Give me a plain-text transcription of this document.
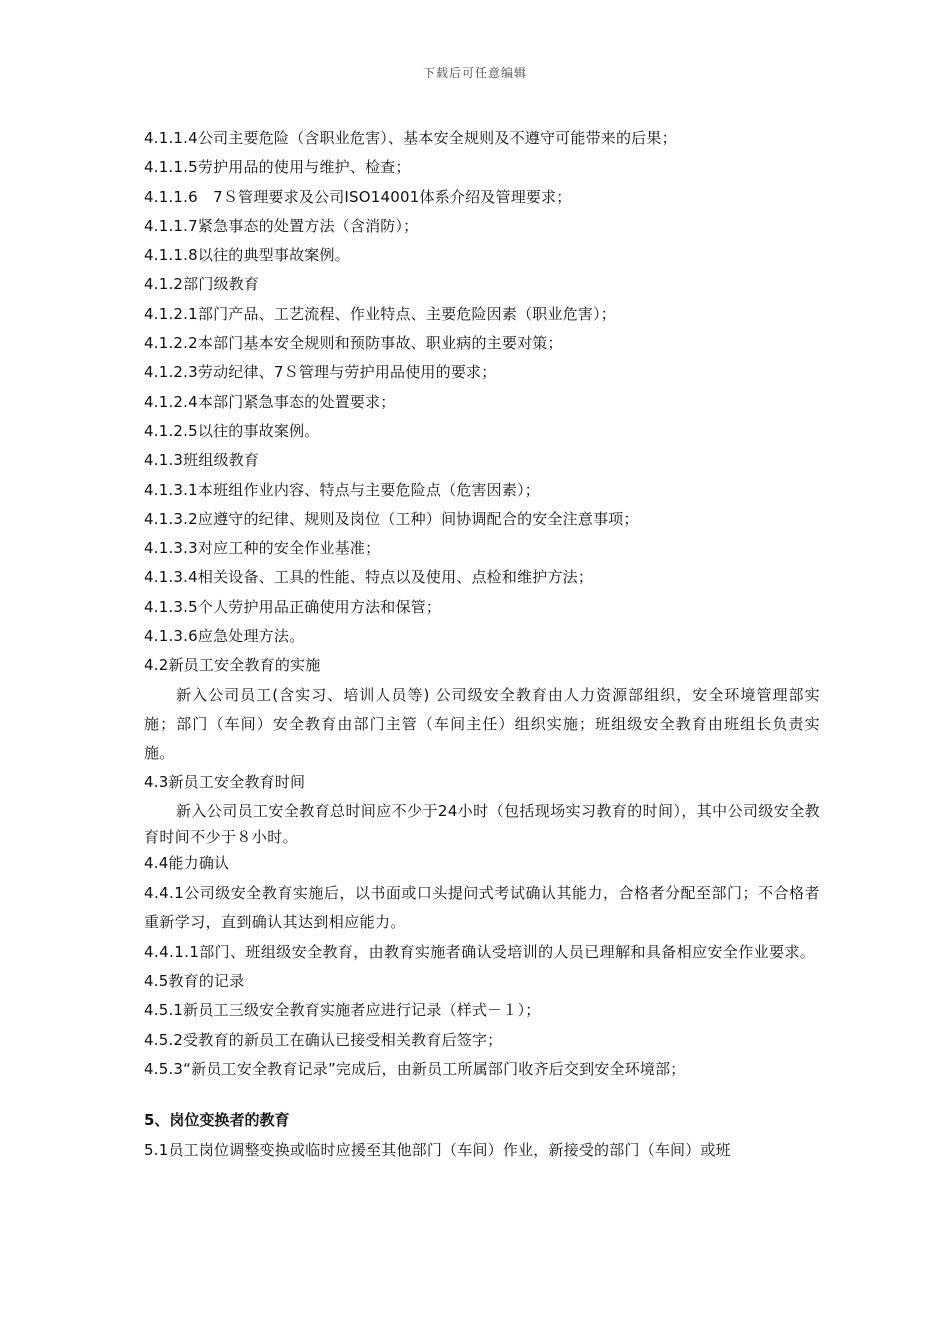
下载后可任意编辑
4.1.1.4公司主要危险（含职业危害）、基本安全规则及不遵守可能带来的后果；
4.1.1.5劳护用品的使用与维护、检查；
4.1.1.6　7Ｓ管理要求及公司ISO14001体系介绍及管理要求；
4.1.1.7紧急事态的处置方法（含消防）；
4.1.1.8以往的典型事故案例。
4.1.2部门级教育
4.1.2.1部门产品、工艺流程、作业特点、主要危险因素（职业危害）；
4.1.2.2本部门基本安全规则和预防事故、职业病的主要对策；
4.1.2.3劳动纪律、7Ｓ管理与劳护用品使用的要求；
4.1.2.4本部门紧急事态的处置要求；
4.1.2.5以往的事故案例。
4.1.3班组级教育
4.1.3.1本班组作业内容、特点与主要危险点（危害因素）；
4.1.3.2应遵守的纪律、规则及岗位（工种）间协调配合的安全注意事项；
4.1.3.3对应工种的安全作业基准；
4.1.3.4相关设备、工具的性能、特点以及使用、点检和维护方法；
4.1.3.5个人劳护用品正确使用方法和保管；
4.1.3.6应急处理方法。
4.2新员工安全教育的实施

新入公司员工(含实习、培训人员等) 公司级安全教育由人力资源部组织，安全环境管理部实施；部门（车间）安全教育由部门主管（车间主任）组织实施；班组级安全教育由班组长负责实施。

4.3新员工安全教育时间

新入公司员工安全教育总时间应不少于24小时（包括现场实习教育的时间），其中公司级安全教育时间不少于８小时。

4.4能力确认

4.4.1公司级安全教育实施后，以书面或口头提问式考试确认其能力，合格者分配至部门；不合格者重新学习，直到确认其达到相应能力。

4.4.1.1部门、班组级安全教育，由教育实施者确认受培训的人员已理解和具备相应安全作业要求。

4.5教育的记录
4.5.1新员工三级安全教育实施者应进行记录（样式－１）；
4.5.2受教育的新员工在确认已接受相关教育后签字；
4.5.3“新员工安全教育记录”完成后，由新员工所属部门收齐后交到安全环境部；
5、岗位变换者的教育
5.1员工岗位调整变换或临时应援至其他部门（车间）作业，新接受的部门（车间）或班
